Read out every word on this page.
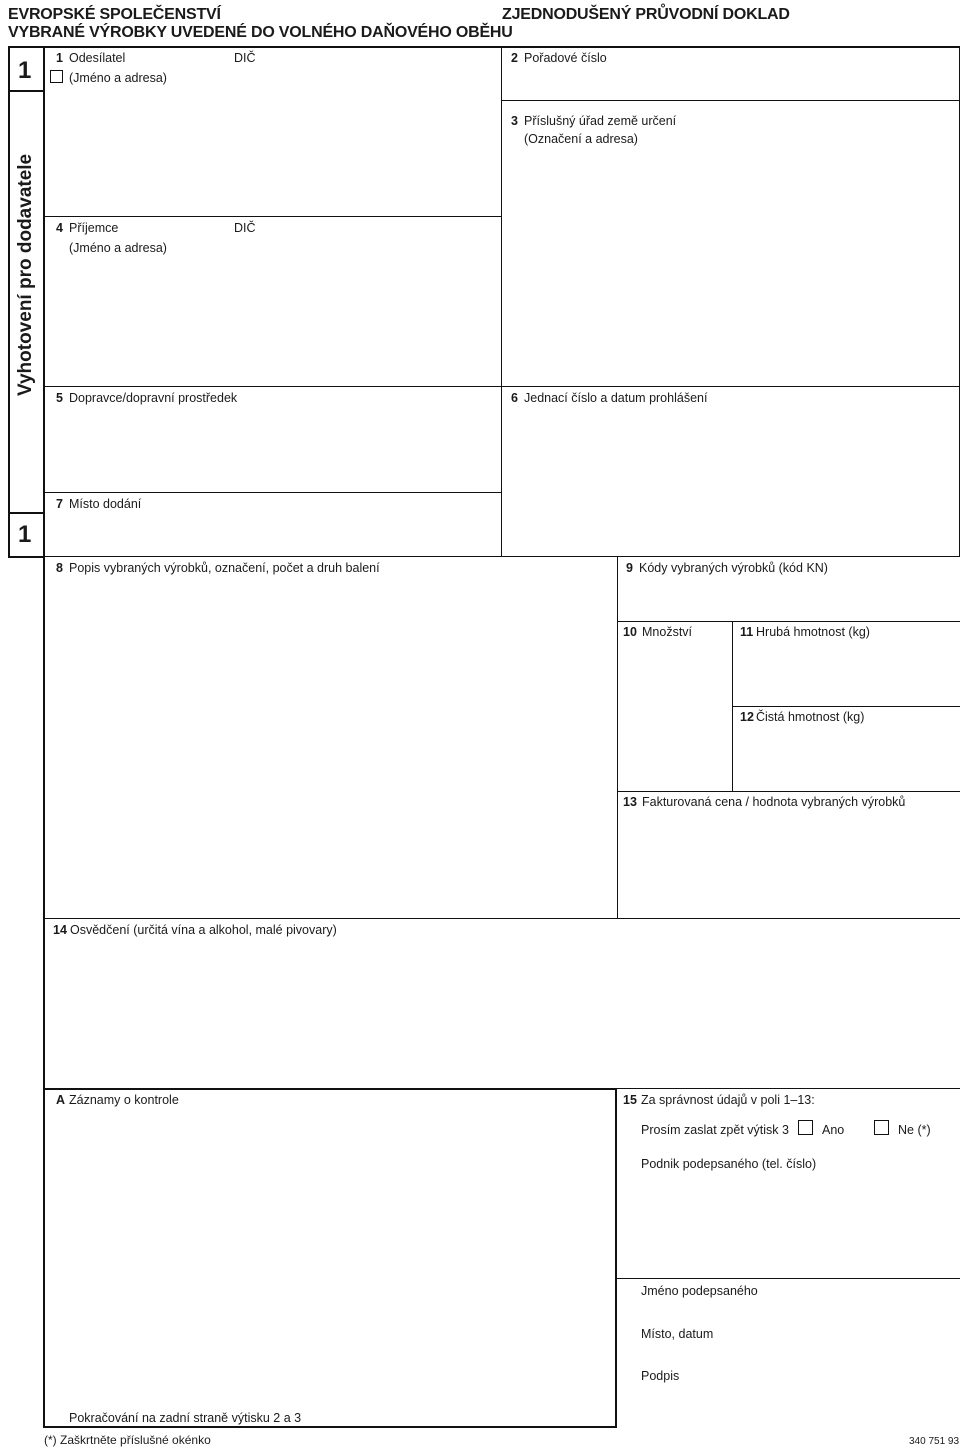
EVROPSKÉ SPOLEČENSTVÍ
VYBRANÉ VÝROBKY UVEDENÉ DO VOLNÉHO DAŇOVÉHO OBĚHU
ZJEDNODUŠENÝ PRŮVODNÍ DOKLAD
1
Vyhotovení pro dodavatele
1
1 Odesílatel	DIČ
(Jméno a adresa)
2 Pořadové číslo
3 Příslušný úřad země určení
(Označení a adresa)
4 Příjemce	DIČ
(Jméno a adresa)
5 Dopravce/dopravní prostředek	6 Jednací číslo a datum prohlášení
7 Místo dodání
8 Popis vybraných výrobků, označení, počet a druh balení	9 Kódy vybraných výrobků (kód KN)
10 Množství	11 Hrubá hmotnost (kg)
12 Čistá hmotnost (kg)
13 Fakturovaná cena / hodnota vybraných výrobků
14 Osvědčení (určitá vína a alkohol, malé pivovary)
A Záznamy o kontrole
Pokračování na zadní straně výtisku 2 a 3
15 Za správnost údajů v poli 1–13:
Prosím zaslat zpět výtisk 3	Ano	Ne (*)
Podnik podepsaného (tel. číslo)
Jméno podepsaného
Místo, datum
Podpis
(*) Zaškrtněte příslušné okénko	340 751 93
